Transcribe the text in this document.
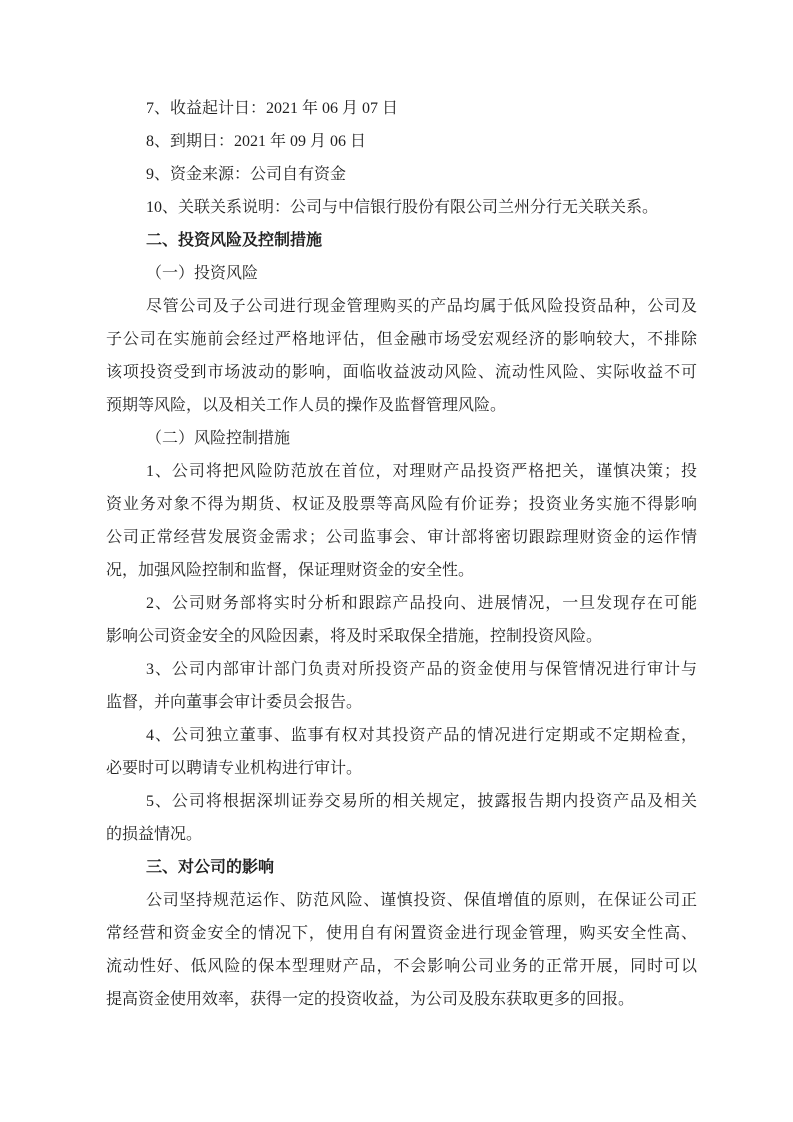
7、收益起计日：2021 年 06 月 07 日
8、到期日：2021 年 09 月 06 日
9、资金来源：公司自有资金
10、关联关系说明：公司与中信银行股份有限公司兰州分行无关联关系。
二、投资风险及控制措施
（一）投资风险
尽管公司及子公司进行现金管理购买的产品均属于低风险投资品种，公司及
子公司在实施前会经过严格地评估，但金融市场受宏观经济的影响较大，不排除
该项投资受到市场波动的影响，面临收益波动风险、流动性风险、实际收益不可
预期等风险，以及相关工作人员的操作及监督管理风险。
（二）风险控制措施
1、公司将把风险防范放在首位，对理财产品投资严格把关，谨慎决策；投
资业务对象不得为期货、权证及股票等高风险有价证券；投资业务实施不得影响
公司正常经营发展资金需求；公司监事会、审计部将密切跟踪理财资金的运作情
况，加强风险控制和监督，保证理财资金的安全性。
2、公司财务部将实时分析和跟踪产品投向、进展情况，一旦发现存在可能
影响公司资金安全的风险因素，将及时采取保全措施，控制投资风险。
3、公司内部审计部门负责对所投资产品的资金使用与保管情况进行审计与
监督，并向董事会审计委员会报告。
4、公司独立董事、监事有权对其投资产品的情况进行定期或不定期检查，
必要时可以聘请专业机构进行审计。
5、公司将根据深圳证券交易所的相关规定，披露报告期内投资产品及相关
的损益情况。
三、对公司的影响
公司坚持规范运作、防范风险、谨慎投资、保值增值的原则，在保证公司正
常经营和资金安全的情况下，使用自有闲置资金进行现金管理，购买安全性高、
流动性好、低风险的保本型理财产品，不会影响公司业务的正常开展，同时可以
提高资金使用效率，获得一定的投资收益，为公司及股东获取更多的回报。
